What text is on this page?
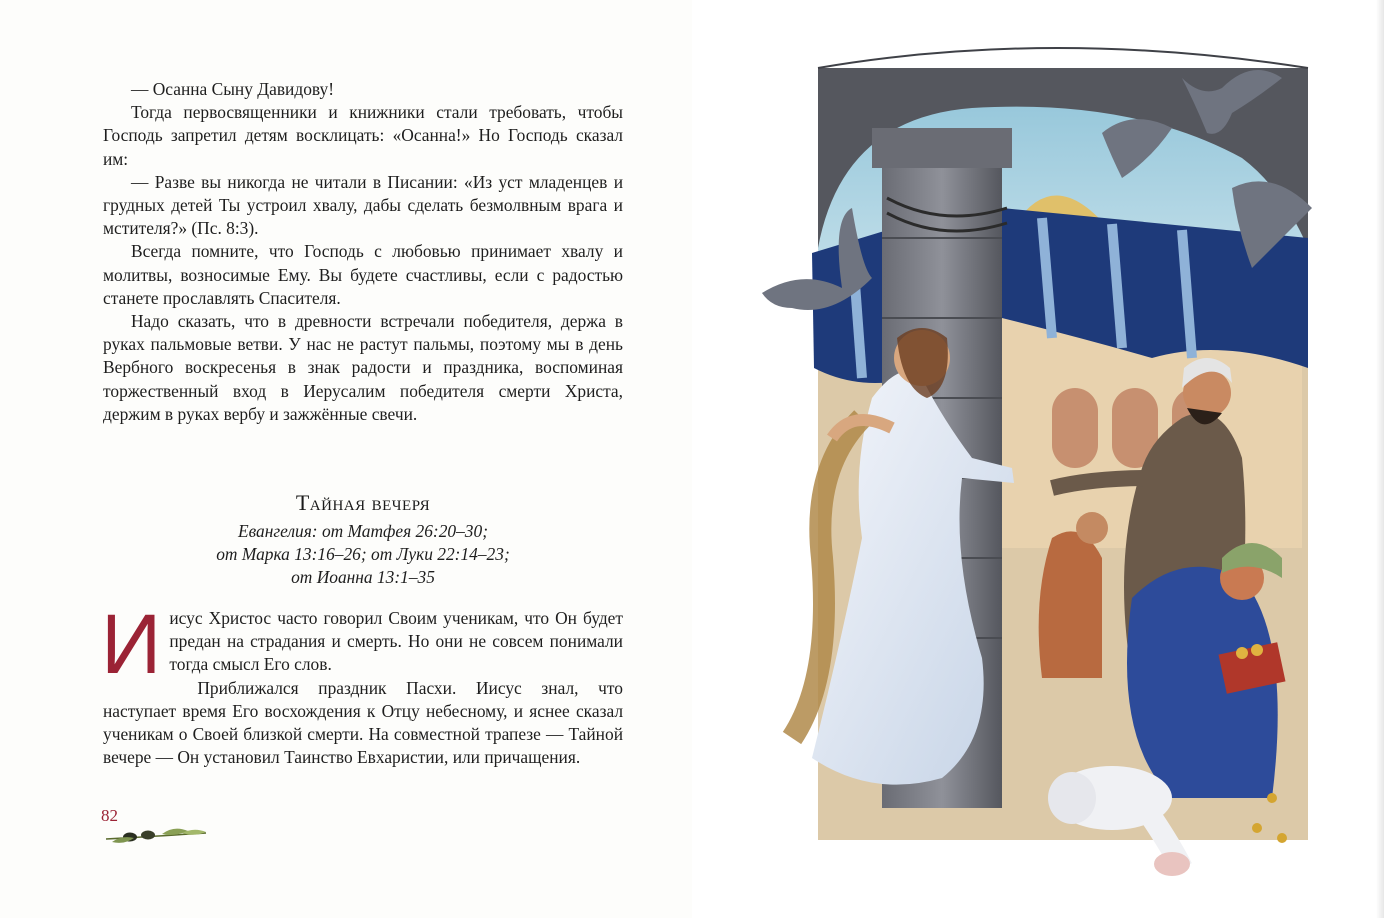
— Осанна Сыну Давидову!

Тогда первосвященники и книжники стали требовать, чтобы Господь запретил детям восклицать: «Осанна!» Но Господь сказал им:

— Разве вы никогда не читали в Писании: «Из уст младенцев и грудных детей Ты устроил хвалу, дабы сделать безмолвным врага и мстителя?» (Пс. 8:3).

Всегда помните, что Господь с любовью принимает хвалу и молитвы, возносимые Ему. Вы будете счастливы, если с радостью станете прославлять Спасителя.

Надо сказать, что в древности встречали победителя, держа в руках пальмовые ветви. У нас не растут пальмы, поэтому мы в день Вербного воскресенья в знак радости и праздника, воспоминая торжественный вход в Иерусалим победителя смерти Христа, держим в руках вербу и зажжённые свечи.

Тайная вечеря
Евангелия: от Матфея 26:20–30;
от Марка 13:16–26; от Луки 22:14–23;
от Иоанна 13:1–35

Иисус Христос часто говорил Своим ученикам, что Он будет предан на страдания и смерть. Но они не совсем понимали тогда смысл Его слов.

Приближался праздник Пасхи. Иисус знал, что наступает время Его восхождения к Отцу небесному, и яснее сказал ученикам о Своей близкой смерти. На совместной трапезе — Тайной вечере — Он установил Таинство Евхаристии, или причащения.

82
